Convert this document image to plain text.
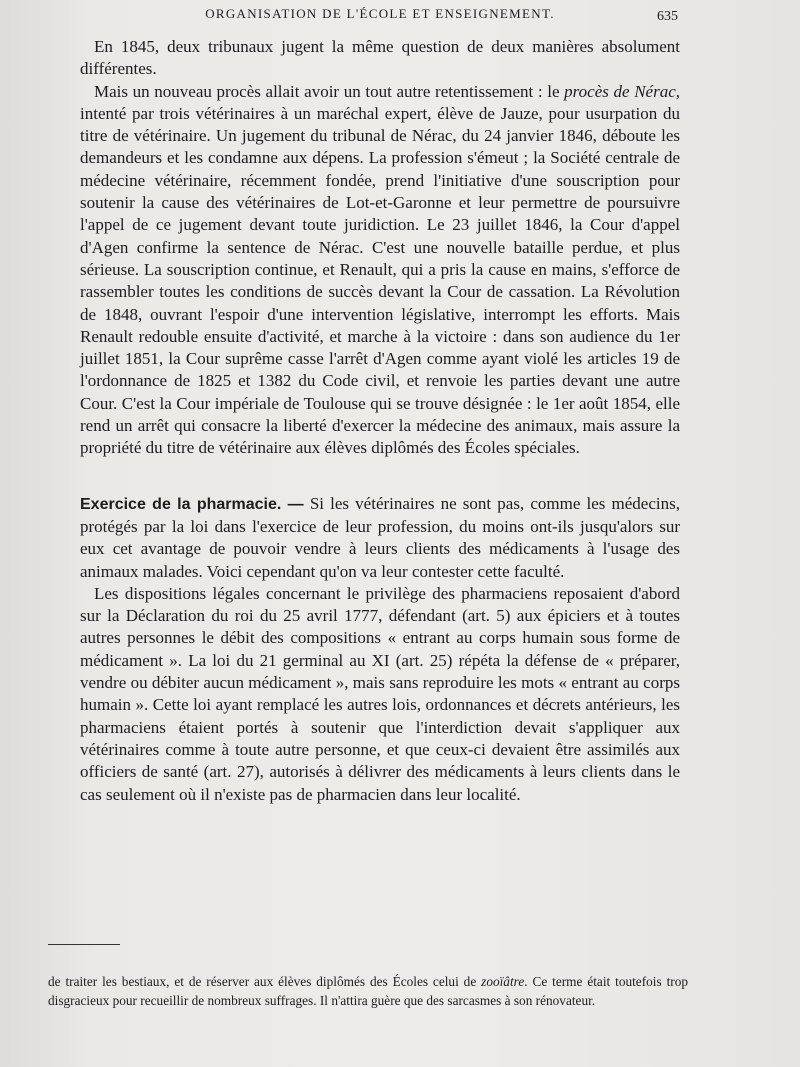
ORGANISATION DE L'ÉCOLE ET ENSEIGNEMENT.	635

En 1845, deux tribunaux jugent la même question de deux manières absolument différentes.

Mais un nouveau procès allait avoir un tout autre retentissement : le procès de Nérac, intenté par trois vétérinaires à un maréchal expert, élève de Jauze, pour usurpation du titre de vétérinaire. Un jugement du tribunal de Nérac, du 24 janvier 1846, déboute les demandeurs et les condamne aux dépens. La profession s'émeut ; la Société centrale de médecine vétérinaire, récemment fondée, prend l'initiative d'une souscription pour soutenir la cause des vétérinaires de Lot-et-Garonne et leur permettre de poursuivre l'appel de ce jugement devant toute juridiction. Le 23 juillet 1846, la Cour d'appel d'Agen confirme la sentence de Nérac. C'est une nouvelle bataille perdue, et plus sérieuse. La souscription continue, et Renault, qui a pris la cause en mains, s'efforce de rassembler toutes les conditions de succès devant la Cour de cassation. La Révolution de 1848, ouvrant l'espoir d'une intervention législative, interrompt les efforts. Mais Renault redouble ensuite d'activité, et marche à la victoire : dans son audience du 1er juillet 1851, la Cour suprême casse l'arrêt d'Agen comme ayant violé les articles 19 de l'ordonnance de 1825 et 1382 du Code civil, et renvoie les parties devant une autre Cour. C'est la Cour impériale de Toulouse qui se trouve désignée : le 1er août 1854, elle rend un arrêt qui consacre la liberté d'exercer la médecine des animaux, mais assure la propriété du titre de vétérinaire aux élèves diplômés des Écoles spéciales.

Exercice de la pharmacie. — Si les vétérinaires ne sont pas, comme les médecins, protégés par la loi dans l'exercice de leur profession, du moins ont-ils jusqu'alors sur eux cet avantage de pouvoir vendre à leurs clients des médicaments à l'usage des animaux malades. Voici cependant qu'on va leur contester cette faculté.

Les dispositions légales concernant le privilège des pharmaciens reposaient d'abord sur la Déclaration du roi du 25 avril 1777, défendant (art. 5) aux épiciers et à toutes autres personnes le débit des compositions « entrant au corps humain sous forme de médicament ». La loi du 21 germinal au XI (art. 25) répéta la défense de « préparer, vendre ou débiter aucun médicament », mais sans reproduire les mots « entrant au corps humain ». Cette loi ayant remplacé les autres lois, ordonnances et décrets antérieurs, les pharmaciens étaient portés à soutenir que l'interdiction devait s'appliquer aux vétérinaires comme à toute autre personne, et que ceux-ci devaient être assimilés aux officiers de santé (art. 27), autorisés à délivrer des médicaments à leurs clients dans le cas seulement où il n'existe pas de pharmacien dans leur localité.

de traiter les bestiaux, et de réserver aux élèves diplômés des Écoles celui de zooïâtre. Ce terme était toutefois trop disgracieux pour recueillir de nombreux suffrages. Il n'attira guère que des sarcasmes à son rénovateur.
